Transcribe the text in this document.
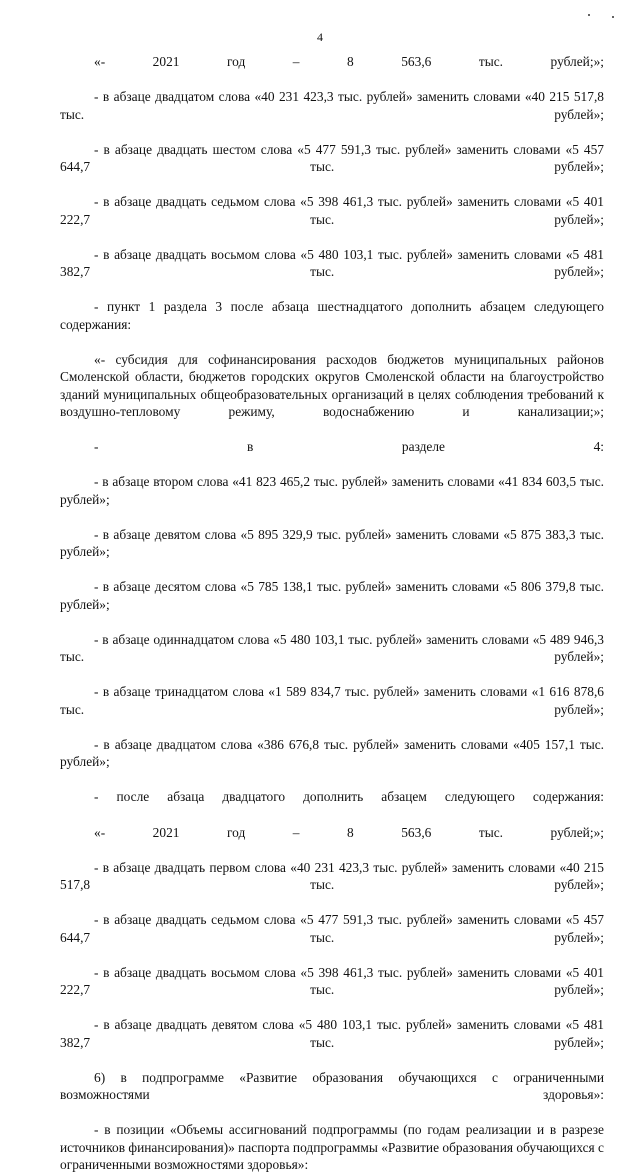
4

«- 2021 год – 8 563,6 тыс. рублей;»;

- в абзаце двадцатом слова «40 231 423,3 тыс. рублей» заменить словами «40 215 517,8 тыс. рублей»;

- в абзаце двадцать шестом слова «5 477 591,3 тыс. рублей» заменить словами «5 457 644,7 тыс. рублей»;

- в абзаце двадцать седьмом слова «5 398 461,3 тыс. рублей» заменить словами «5 401 222,7 тыс. рублей»;

- в абзаце двадцать восьмом слова «5 480 103,1 тыс. рублей» заменить словами «5 481 382,7 тыс. рублей»;

- пункт 1 раздела 3 после абзаца шестнадцатого дополнить абзацем следующего содержания:

«- субсидия для софинансирования расходов бюджетов муниципальных районов Смоленской области, бюджетов городских округов Смоленской области на благоустройство зданий муниципальных общеобразовательных организаций в целях соблюдения требований к воздушно-тепловому режиму, водоснабжению и канализации;»;

- в разделе 4:

- в абзаце втором слова «41 823 465,2 тыс. рублей» заменить словами «41 834 603,5 тыс. рублей»;

- в абзаце девятом слова «5 895 329,9 тыс. рублей» заменить словами «5 875 383,3 тыс. рублей»;

- в абзаце десятом слова «5 785 138,1 тыс. рублей» заменить словами «5 806 379,8 тыс. рублей»;

- в абзаце одиннадцатом слова «5 480 103,1 тыс. рублей» заменить словами «5 489 946,3 тыс. рублей»;

- в абзаце тринадцатом слова «1 589 834,7 тыс. рублей» заменить словами «1 616 878,6 тыс. рублей»;

- в абзаце двадцатом слова «386 676,8 тыс. рублей» заменить словами «405 157,1 тыс. рублей»;

- после абзаца двадцатого дополнить абзацем следующего содержания:

«- 2021 год – 8 563,6 тыс. рублей;»;

- в абзаце двадцать первом слова «40 231 423,3 тыс. рублей» заменить словами «40 215 517,8 тыс. рублей»;

- в абзаце двадцать седьмом слова «5 477 591,3 тыс. рублей» заменить словами «5 457 644,7 тыс. рублей»;

- в абзаце двадцать восьмом слова «5 398 461,3 тыс. рублей» заменить словами «5 401 222,7 тыс. рублей»;

- в абзаце двадцать девятом слова «5 480 103,1 тыс. рублей» заменить словами «5 481 382,7 тыс. рублей»;

6) в подпрограмме «Развитие образования обучающихся с ограниченными возможностями здоровья»:

- в позиции «Объемы ассигнований подпрограммы (по годам реализации и в разрезе источников финансирования)» паспорта подпрограммы «Развитие образования обучающихся с ограниченными возможностями здоровья»:
